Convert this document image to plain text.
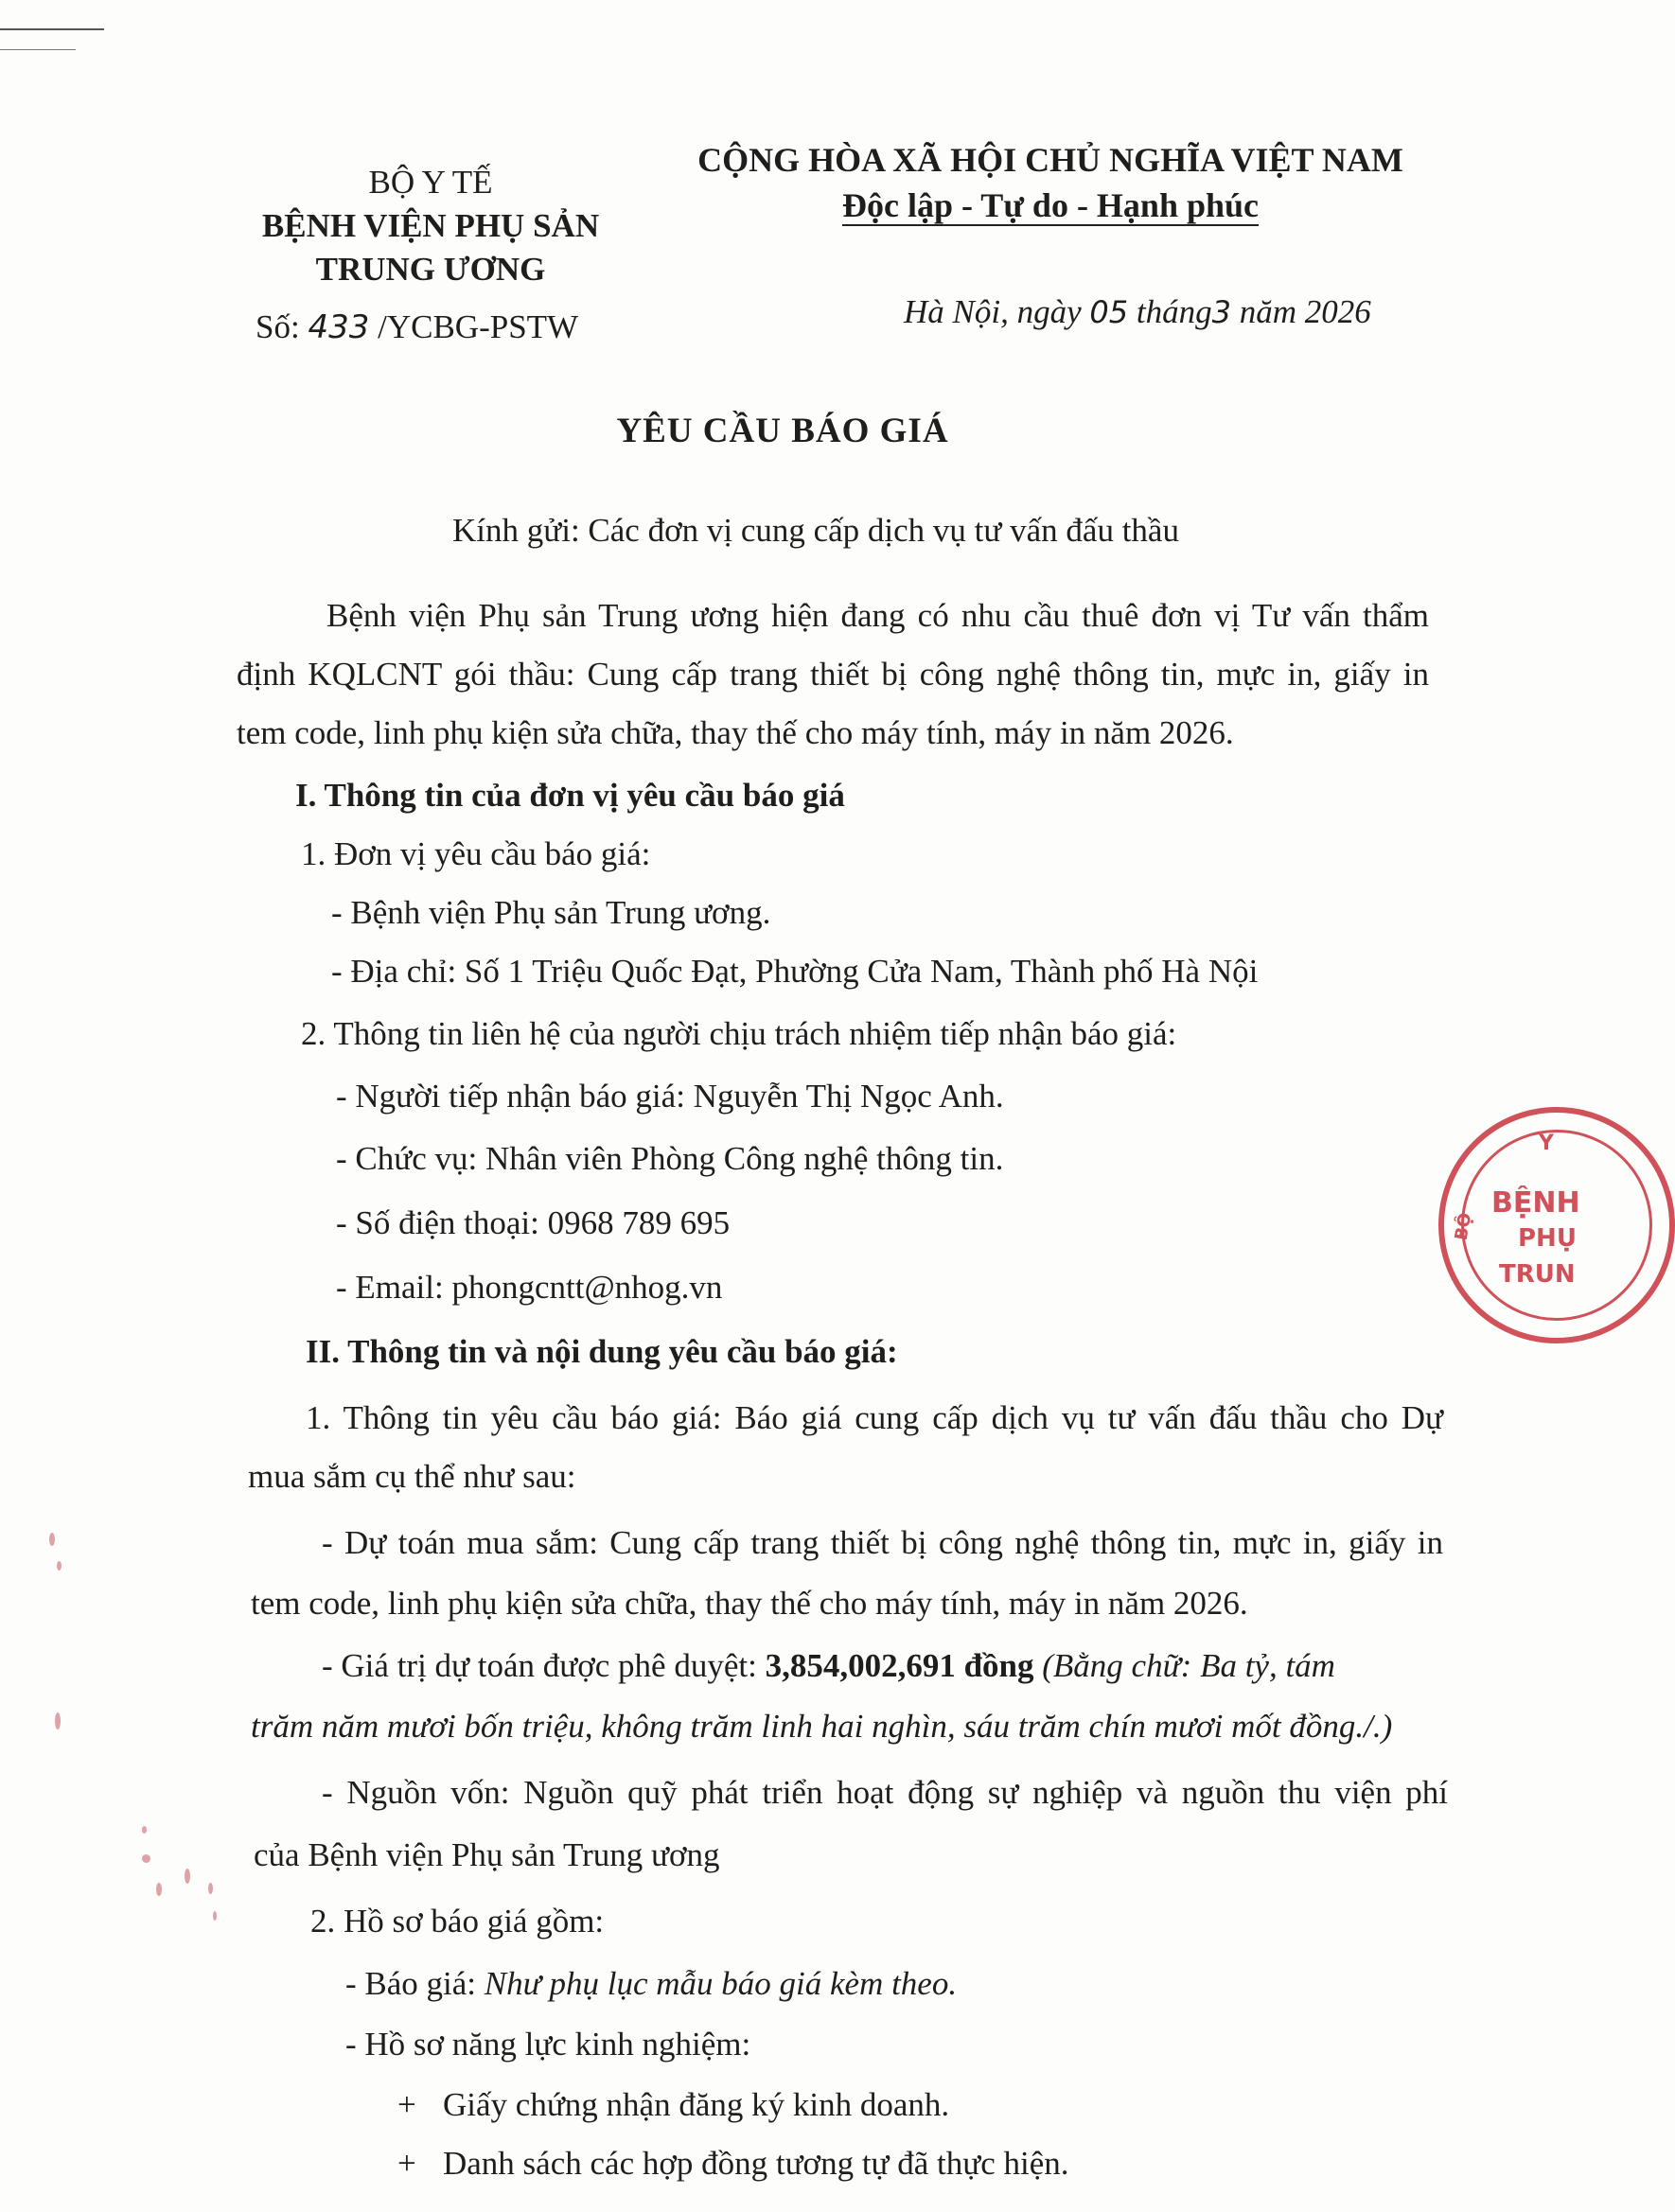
BỘ Y TẾ
BỆNH VIỆN PHỤ SẢN
TRUNG ƯƠNG
CỘNG HÒA XÃ HỘI CHỦ NGHĨA VIỆT NAM
Độc lập - Tự do - Hạnh phúc
Số: 433 /YCBG-PSTW	Hà Nội, ngày 05 tháng3 năm 2026
YÊU CẦU BÁO GIÁ
Kính gửi: Các đơn vị cung cấp dịch vụ tư vấn đấu thầu
Bệnh viện Phụ sản Trung ương hiện đang có nhu cầu thuê đơn vị Tư vấn thẩm
định KQLCNT gói thầu: Cung cấp trang thiết bị công nghệ thông tin, mực in, giấy in
tem code, linh phụ kiện sửa chữa, thay thế cho máy tính, máy in năm 2026.
I. Thông tin của đơn vị yêu cầu báo giá
1. Đơn vị yêu cầu báo giá:
- Bệnh viện Phụ sản Trung ương.
- Địa chỉ: Số 1 Triệu Quốc Đạt, Phường Cửa Nam, Thành phố Hà Nội
2. Thông tin liên hệ của người chịu trách nhiệm tiếp nhận báo giá:
- Người tiếp nhận báo giá: Nguyễn Thị Ngọc Anh.
- Chức vụ: Nhân viên Phòng Công nghệ thông tin.
- Số điện thoại: 0968 789 695
- Email: phongcntt@nhog.vn
II. Thông tin và nội dung yêu cầu báo giá:
1. Thông tin yêu cầu báo giá: Báo giá cung cấp dịch vụ tư vấn đấu thầu cho Dự
mua sắm cụ thể như sau:
- Dự toán mua sắm: Cung cấp trang thiết bị công nghệ thông tin, mực in, giấy in
tem code, linh phụ kiện sửa chữa, thay thế cho máy tính, máy in năm 2026.
- Giá trị dự toán được phê duyệt: 3,854,002,691 đồng (Bằng chữ: Ba tỷ, tám
trăm năm mươi bốn triệu, không trăm linh hai nghìn, sáu trăm chín mươi mốt đồng./.)
- Nguồn vốn: Nguồn quỹ phát triển hoạt động sự nghiệp và nguồn thu viện phí
của Bệnh viện Phụ sản Trung ương
2. Hồ sơ báo giá gồm:
- Báo giá: Như phụ lục mẫu báo giá kèm theo.
- Hồ sơ năng lực kinh nghiệm:
+ Giấy chứng nhận đăng ký kinh doanh.
+ Danh sách các hợp đồng tương tự đã thực hiện.
Y
BỆNH
PHỤ
TRUN
BỘ
